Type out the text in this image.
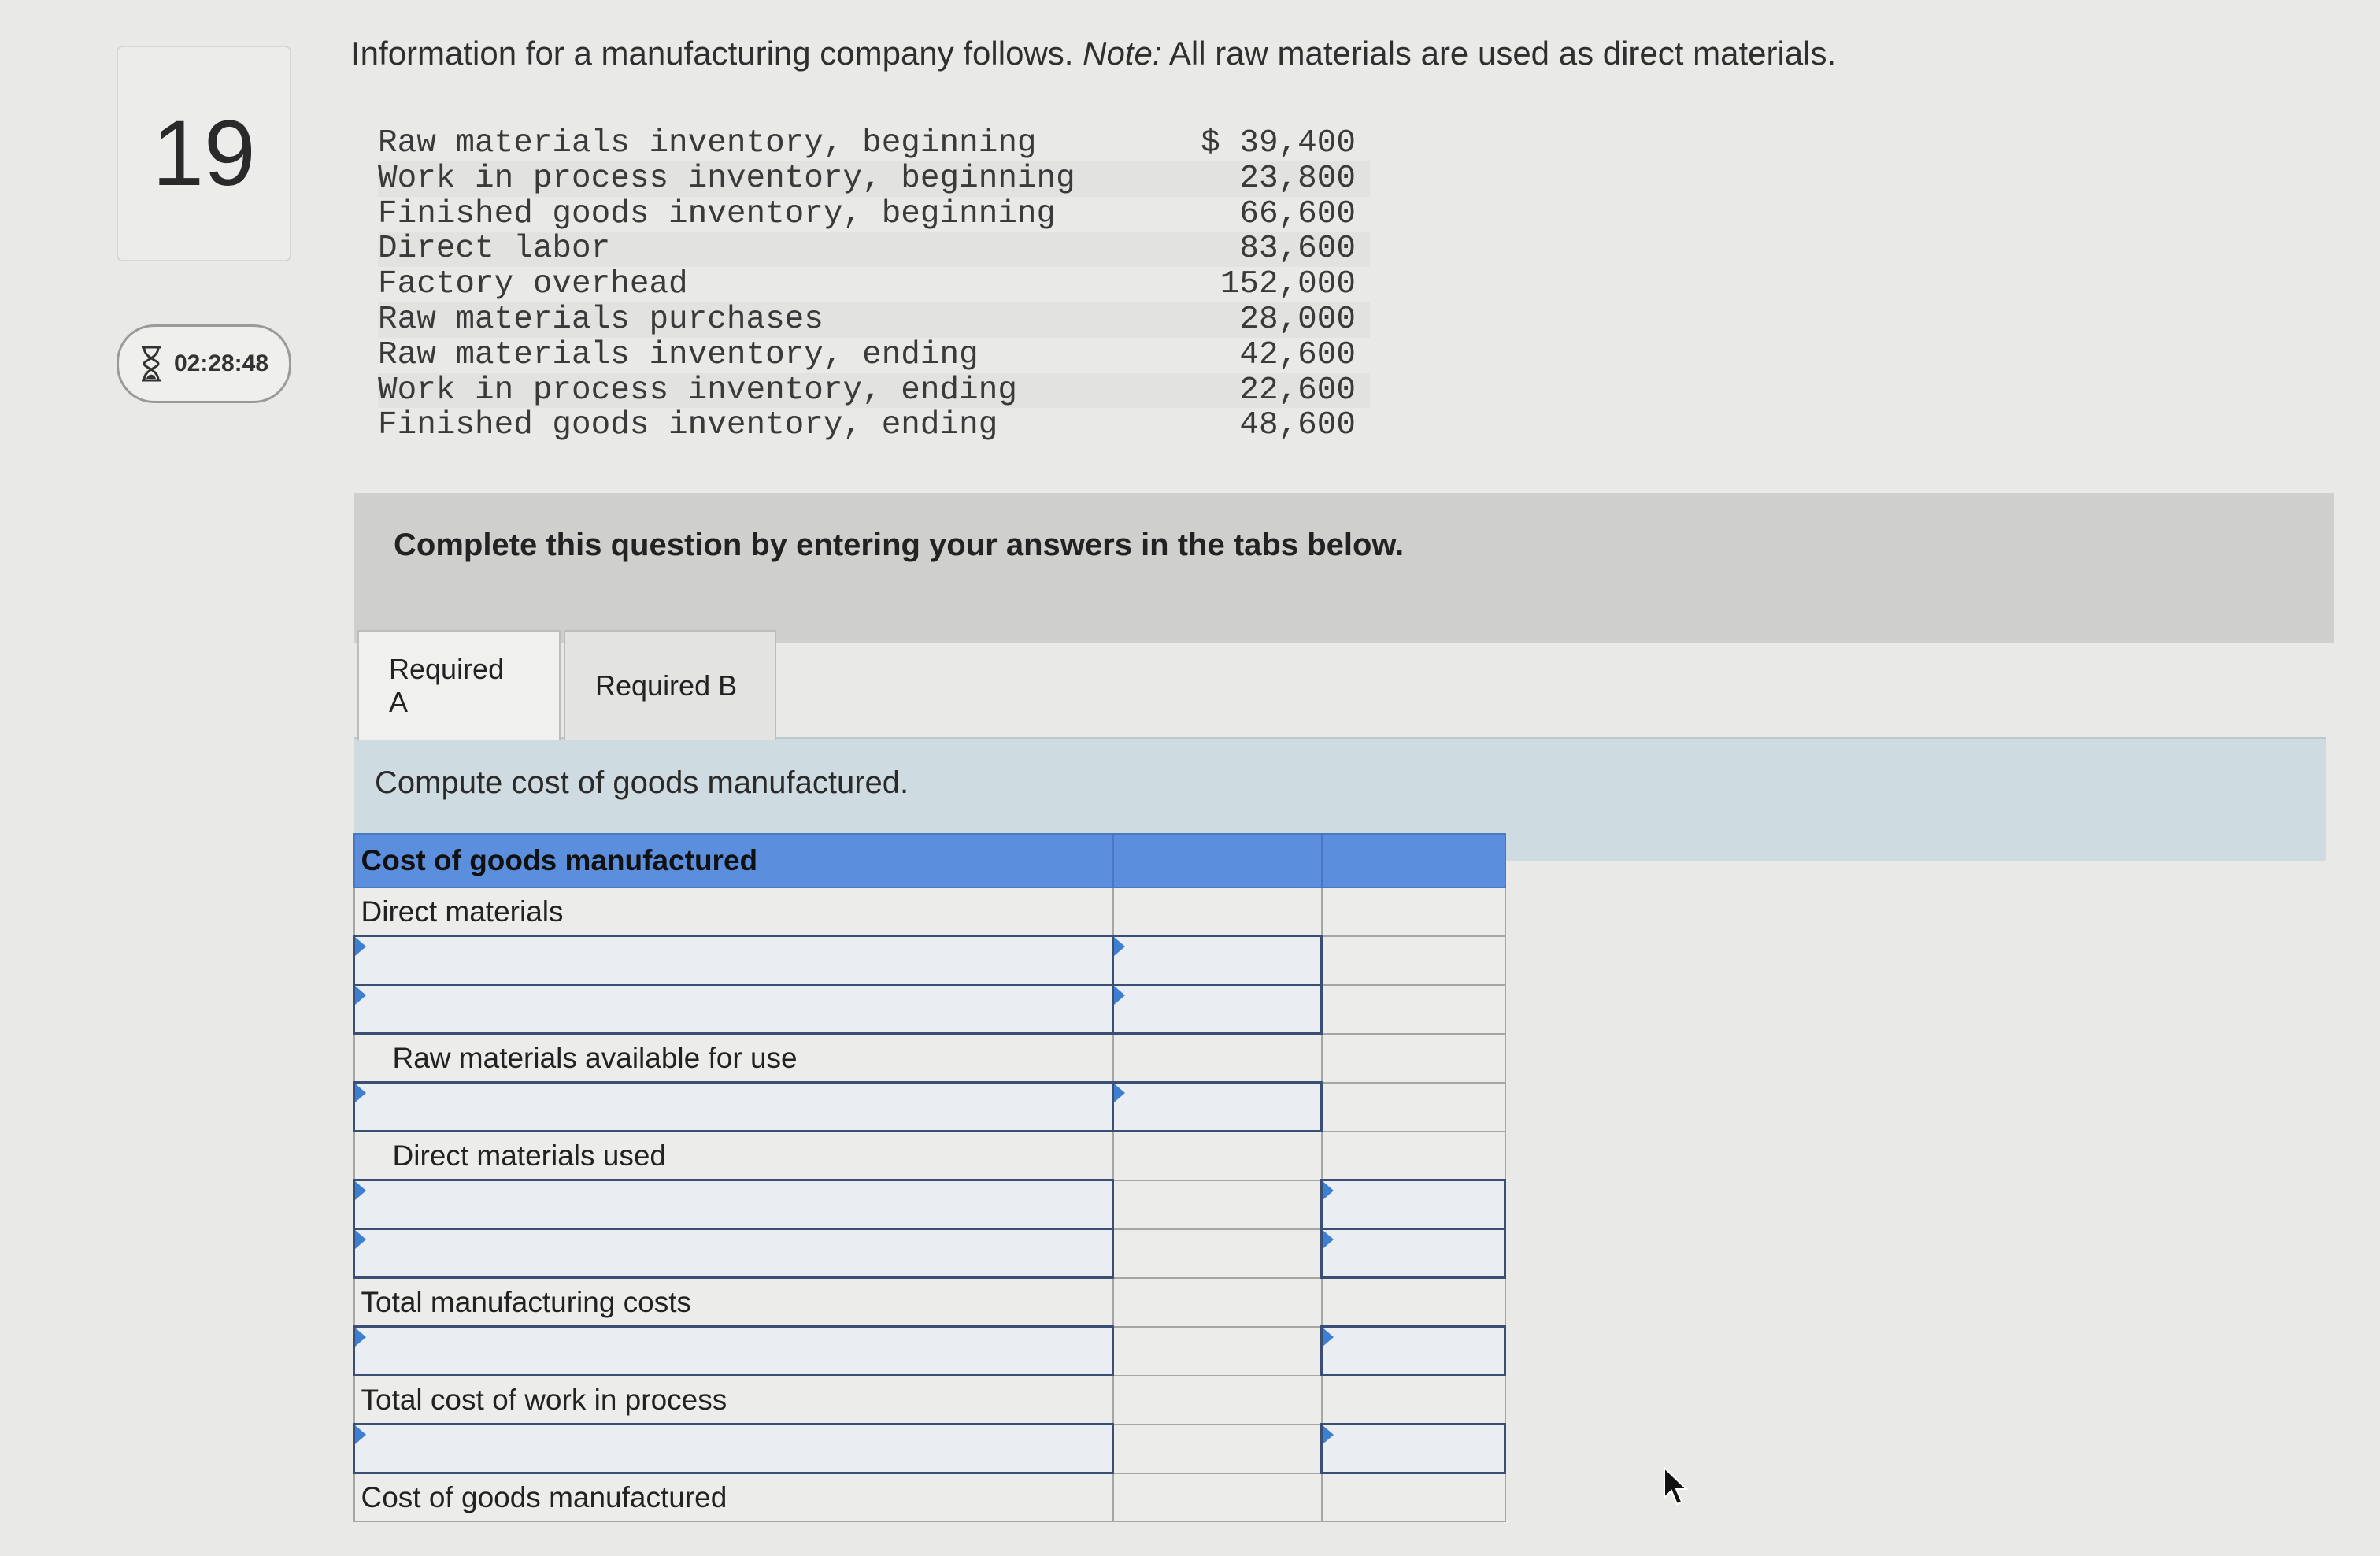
19
02:28:48
Information for a manufacturing company follows. Note: All raw materials are used as direct materials.
Raw materials inventory, beginning	$ 39,400
Work in process inventory, beginning	23,800
Finished goods inventory, beginning	66,600
Direct labor	83,600
Factory overhead	152,000
Raw materials purchases	28,000
Raw materials inventory, ending	42,600
Work in process inventory, ending	22,600
Finished goods inventory, ending	48,600
Complete this question by entering your answers in the tabs below.
Compute cost of goods manufactured.
Required A
Required B
Cost of goods manufactured		
Direct materials		

Raw materials available for use		

Direct materials used		

Total manufacturing costs		

Total cost of work in process		

Cost of goods manufactured		
